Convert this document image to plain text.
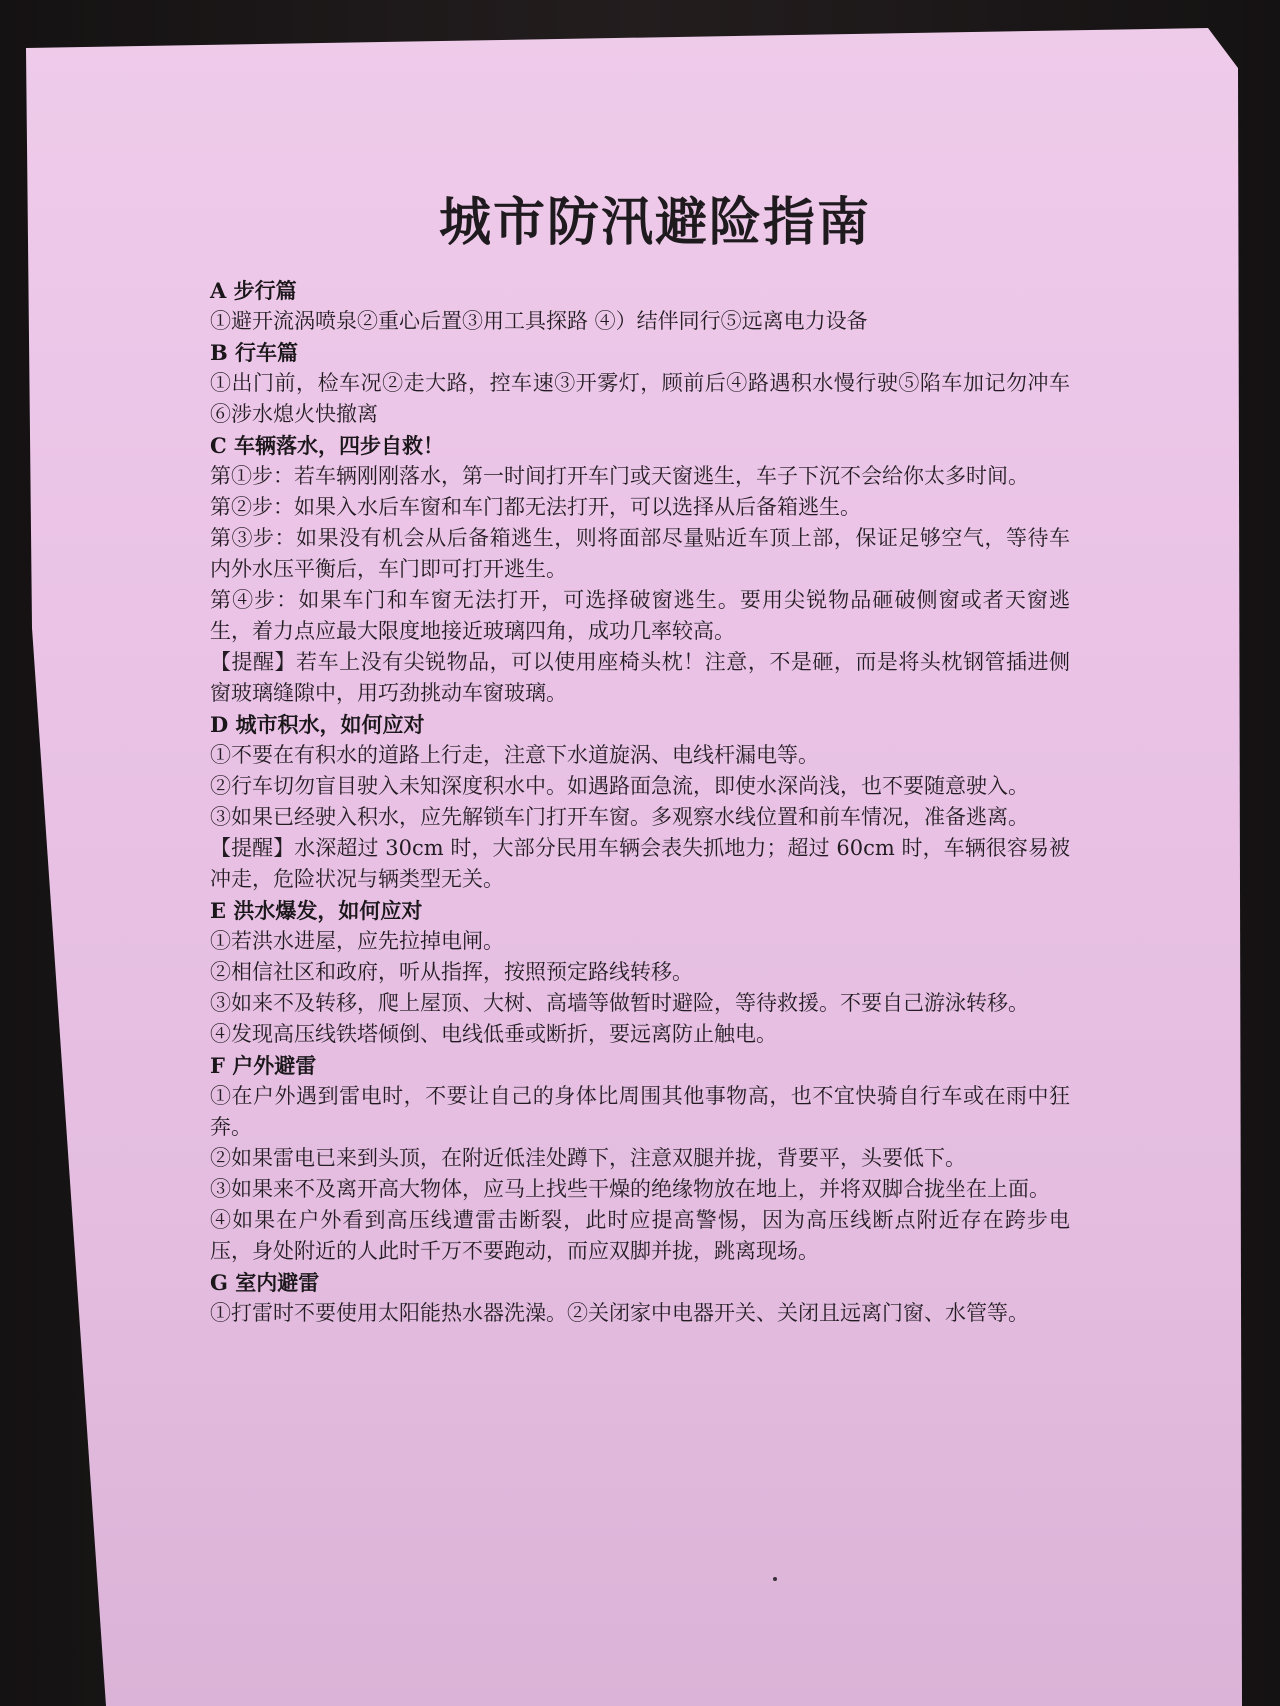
城市防汛避险指南

A 步行篇

①避开流涡喷泉②重心后置③用工具探路 ④）结伴同行⑤远离电力设备

B 行车篇

①出门前，检车况②走大路，控车速③开雾灯，顾前后④路遇积水慢行驶⑤陷车加记勿冲车⑥涉水熄火快撤离

C 车辆落水，四步自救！

第①步：若车辆刚刚落水，第一时间打开车门或天窗逃生，车子下沉不会给你太多时间。

第②步：如果入水后车窗和车门都无法打开，可以选择从后备箱逃生。

第③步：如果没有机会从后备箱逃生，则将面部尽量贴近车顶上部，保证足够空气，等待车内外水压平衡后，车门即可打开逃生。

第④步：如果车门和车窗无法打开，可选择破窗逃生。要用尖锐物品砸破侧窗或者天窗逃生，着力点应最大限度地接近玻璃四角，成功几率较高。

【提醒】若车上没有尖锐物品，可以使用座椅头枕！注意，不是砸，而是将头枕钢管插进侧窗玻璃缝隙中，用巧劲挑动车窗玻璃。

D 城市积水，如何应对

①不要在有积水的道路上行走，注意下水道旋涡、电线杆漏电等。

②行车切勿盲目驶入未知深度积水中。如遇路面急流，即使水深尚浅，也不要随意驶入。

③如果已经驶入积水，应先解锁车门打开车窗。多观察水线位置和前车情况，准备逃离。

【提醒】水深超过 30cm 时，大部分民用车辆会表失抓地力；超过 60cm 时，车辆很容易被冲走，危险状况与辆类型无关。

E 洪水爆发，如何应对

①若洪水进屋，应先拉掉电闸。

②相信社区和政府，听从指挥，按照预定路线转移。

③如来不及转移，爬上屋顶、大树、高墙等做暂时避险，等待救援。不要自己游泳转移。

④发现高压线铁塔倾倒、电线低垂或断折，要远离防止触电。

F 户外避雷

①在户外遇到雷电时，不要让自己的身体比周围其他事物高，也不宜快骑自行车或在雨中狂奔。

②如果雷电已来到头顶，在附近低洼处蹲下，注意双腿并拢，背要平，头要低下。

③如果来不及离开高大物体，应马上找些干燥的绝缘物放在地上，并将双脚合拢坐在上面。

④如果在户外看到高压线遭雷击断裂，此时应提高警惕，因为高压线断点附近存在跨步电压，身处附近的人此时千万不要跑动，而应双脚并拢，跳离现场。

G 室内避雷

①打雷时不要使用太阳能热水器洗澡。②关闭家中电器开关、关闭且远离门窗、水管等。
